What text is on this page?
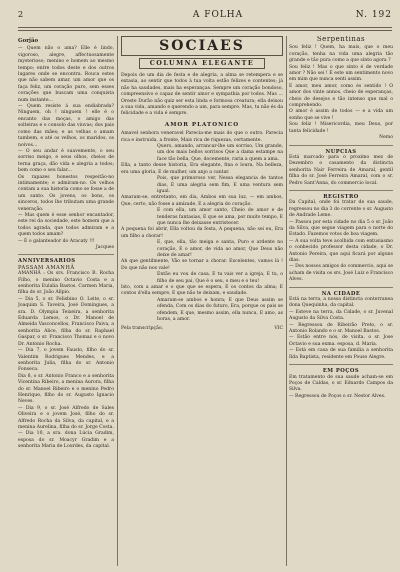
2	A FOLHA	N. 192
Gorjão

— Quem não o ama? Elle é lindo, vigoroso, alegre, affectuosamente mysterioso; menino e homem ao mesmo tempo; entre todos deste e dos outros lugares onde se encontra. Rouca estes que não sabem amar, um amor que os faça feliz, um coração puro, sem esses corações que buscam uma conquista num instante...

— Quem resiste á sua endiabrada? Ninguem, oh ! ninguem ! elle é o encanto das moças, o amigo das solteiras e o consolo das viuvas; dos pais como das mães; e as velhas o amam tambem, e até os velhos, os maridos, os noivos...

— O seu andar é suavemente, o seu sorriso meigo, e seus olhos, cheios de terna graça, dão vida e alegria a todos; bem como o seu falar...

Os rapazes honestos respeitão-no intimamente; e admiram-no. Os velhos contam a sua historia como se fosse a de um santo. Os jovens, os bons, os sinceros, todos lhe tributam uma grande veneração.

— Mas quem é esse senhor encantador, este rei da sociedade, este homem que a todos agrada, que todos admiram e a quem todos amam?

— É o galanteador do Aracaty !!!

Jacques

ANNIVERSARIOS

PASSAM AMANHÃ

AMANHÃ : Os srs. Francisco B. Rocha Filho, o menino Octavio Costa e a senhorita Eulalia Bastos. Carmen Maria, filha do sr. João Alípio.

— Dia 5, o sr. Felisbino O. Leite, o sr. Joaquim S. Taveira, José Domingues, a sra. D. Olympia Teixeira, a senhorita Eduarda Lemos, o Dr. Manoel de Almeida Vasconcellos, Francisco Paiva, a senhorita Alice, filha do sr. Raphael Gaspar, o sr. Francisco Thomaz e o novo Dr. Antonio Rocha.

— Dia 7, o jovem Fausto, filho do sr. Valentim Rodrigues Mendes, e a senhorita Julia, filha do sr. Antonio Fonseca.

Dia 8, o sr. Antonio Franco e a senhorita Vicentina Ribeiro, a menina Aurora, filha do sr. Manoel Ribeiro e o menino Pedro Henrique, filho do sr. Augusto Ignacio Neves.

— Dia 9, o sr. José Alfredo de Sales Oliveira e o jovem José, filho do sr. Alfredo Rocha da Silva, da capital, e a menina Aurelina, filha do sr. Jorge Costa.

— Dia 10, a sra. dona Lúcia Gradim, esposa do sr. Moacyr Gradim e a senhorita Maria de Lourdes, da capital.

SOCIAES
COLUMNA ELEGANTE

Depois de um dia de festa e de alegria, a alma se retempera e se extasia, ao sentir que todos à tua volta estão felizes e contentes; já não ha saudades, mais ha esperanças. Sempre um coração bondoso, compreensivo e capaz de sentir amor e sympathia por todos. Mas ... Oreste Durão não quiz ser esta linda e formosa creatura; ella deixou a sua vida, amando e querendo a um, para sempre. Mas, tu não és da felicidade e a vida é sempre.

AMOR PLATONICO

Amavel senhora veneravel Parecia-me mais do que o outro. Parecia rica e instruida, a fronte, Mais rica de riquezas, certamente.

Quero, amando, arrancar-lhe um sorriso, Um grande, um dos mais bellos sorrisos Que a dama estampe na face tão bella, Que, docemente, raria a quem a ama.

Ella, a tanto desse historia, Era elegante, fina e loura, Na belleza, era uma gloria, E de mulher, um anjo a cantar.

Pois, que primoroso ver, Nessa elegancia de tantos dias, É uma alegria sem fim, E uma ventura sem igual.

Amaram-se, entretanto, em dia, Ambos em sua luz, — em ambos, Que, certo, não fosse a amizade, E a alegria do coração.

E com ella, um amor santo, Cheio de amor e de tenderas fantasias, E que se ama, por muito tempo, E que nunca lhe deixasse entristecer.

A pequena foi abrir, Ella voltou da festa, A pequena, não sei eu, Era um filho a chorar!

E, que, ella, tão meiga e santa, Puro e ardente no coração, E o amor, de vida ao amor, Que Deus não deixe de amar!

Ah que gentilmente, Vão se tornar a chorar. Excelentes, vamos lá ! Do que não nos vale!

Então eu vou de casa, E tu vais ver a igreja, E tu, o filho de seu pai, Que é o seu, o meu e o teu!

Isto, com a amar e o que que se espera, E os contos da alma; E contos d'ella sempre, E que não te deixam, e saudade.

Amaram-se ambos e honra; E que Deus assim se ofenda, Com os dias do futuro, Era, porque os pais se ofendem, E que, mesmo assim, ella nunca, E amo, as horas, a amor.

Pela transcripção,	VIC
Serpentinas

Sou feliz ! Quem, ha mais, que o meu coração, tenha na vida uma alegria tão grande e tão pura como a que sinto agora ?

Sou feliz ! Mas o que sinto é de verdade amor ? Não sei ! É este um sentimento novo em mim que nunca senti assim.

E amor, meu amor, como és sentido ! O amor dos vinte annos, cheio de esperanças, cheio de desejos e tão intenso que mal o comprehendo.

O amor é assim de todos — e a vida um sonho que se vive !

Sou feliz ! Misericordia, meu Deus, por tanta felicidade !

Nemo

NUPCIAS

Está marcado para o proximo mez de Dezembro o casamento da distincta senhorita Nair Ferreira de Amaral, gentil filha do sr. José Ferreira Amaral, com o sr. Pedro Sant'Anna, do commercio local.

REGISTRO

Da Capital, onde foi tratar de sua saude, regressou no dia 3 do corrente o sr. Augusto de Andrade Leme.

— Passou por esta cidade no dia 5 o sr. João da Silva, que segue viagem para o norte do Estado. Fazemos votos de boa viagem.

— A sua volta teve acolhida com entusiasmo o conhecido professor desta cidade, o Dr. Antonio Pereira, que aqui ficará por alguns dias.

— Dos nossos amigos do commercio, aqui se acham de visita os srs. José Luiz e Francisco Alves.

NA CIDADE

Está na terra, a nossa distincta conterranea dona Quequinha, da capital.

— Esteve na terra, da Cidade, o sr. Juvenal Augusto da Silva Costa.

— Regressou de Ribeirão Preto, o sr. Antonio Rolando e o sr. Manoel Bastos.

— Estão entre nós, de visita, o sr. Jose Octavio e sua exma. esposa, d. Maria.

— Está em casa de sua familia a senhorita Ilda Baptista, residente em Pouso Alegre.

EM POÇOS

Em tratamento de sua saude acham-se em Poços de Caldas, o sr. Eduardo Campos da Silva.

— Regressou de Poços o sr. Nestor Alves.
